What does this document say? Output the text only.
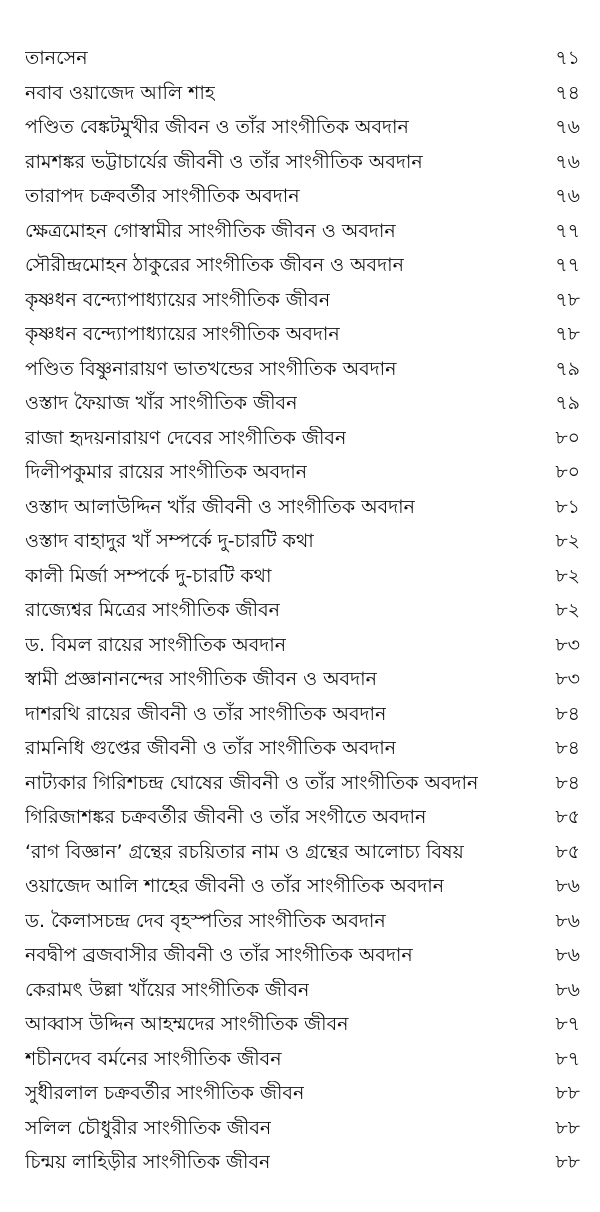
তানসেন	৭১
নবাব ওয়াজেদ আলি শাহ	৭৪
পণ্ডিত বেঙ্কটমুখীর জীবন ও তাঁর সাংগীতিক অবদান	৭৬
রামশঙ্কর ভট্টাচার্যের জীবনী ও তাঁর সাংগীতিক অবদান	৭৬
তারাপদ চক্রবর্তীর সাংগীতিক অবদান	৭৬
ক্ষেত্রমোহন গোস্বামীর সাংগীতিক জীবন ও অবদান	৭৭
সৌরীন্দ্রমোহন ঠাকুরের সাংগীতিক জীবন ও অবদান	৭৭
কৃষ্ণধন বন্দ্যোপাধ্যায়ের সাংগীতিক জীবন	৭৮
কৃষ্ণধন বন্দ্যোপাধ্যায়ের সাংগীতিক অবদান	৭৮
পণ্ডিত বিষ্ণুনারায়ণ ভাতখন্ডের সাংগীতিক অবদান	৭৯
ওস্তাদ ফৈয়াজ খাঁর সাংগীতিক জীবন	৭৯
রাজা হৃদয়নারায়ণ দেবের সাংগীতিক জীবন	৮০
দিলীপকুমার রায়ের সাংগীতিক অবদান	৮০
ওস্তাদ আলাউদ্দিন খাঁর জীবনী ও সাংগীতিক অবদান	৮১
ওস্তাদ বাহাদুর খাঁ সম্পর্কে দু-চারটি কথা	৮২
কালী মির্জা সম্পর্কে দু-চারটি কথা	৮২
রাজ্যেশ্বর মিত্রের সাংগীতিক জীবন	৮২
ড. বিমল রায়ের সাংগীতিক অবদান	৮৩
স্বামী প্রজ্ঞানানন্দের সাংগীতিক জীবন ও অবদান	৮৩
দাশরথি রায়ের জীবনী ও তাঁর সাংগীতিক অবদান	৮৪
রামনিধি গুপ্তের জীবনী ও তাঁর সাংগীতিক অবদান	৮৪
নাট্যকার গিরিশচন্দ্র ঘোষের জীবনী ও তাঁর সাংগীতিক অবদান	৮৪
গিরিজাশঙ্কর চক্রবর্তীর জীবনী ও তাঁর সংগীতে অবদান	৮৫
‘রাগ বিজ্ঞান’ গ্রন্থের রচয়িতার নাম ও গ্রন্থের আলোচ্য বিষয়	৮৫
ওয়াজেদ আলি শাহের জীবনী ও তাঁর সাংগীতিক অবদান	৮৬
ড. কৈলাসচন্দ্র দেব বৃহস্পতির সাংগীতিক অবদান	৮৬
নবদ্বীপ ব্রজবাসীর জীবনী ও তাঁর সাংগীতিক অবদান	৮৬
কেরামৎ উল্লা খাঁয়ের সাংগীতিক জীবন	৮৬
আব্বাস উদ্দিন আহম্মদের সাংগীতিক জীবন	৮৭
শচীনদেব বর্মনের সাংগীতিক জীবন	৮৭
সুধীরলাল চক্রবর্তীর সাংগীতিক জীবন	৮৮
সলিল চৌধুরীর সাংগীতিক জীবন	৮৮
চিন্ময় লাহিড়ীর সাংগীতিক জীবন	৮৮
